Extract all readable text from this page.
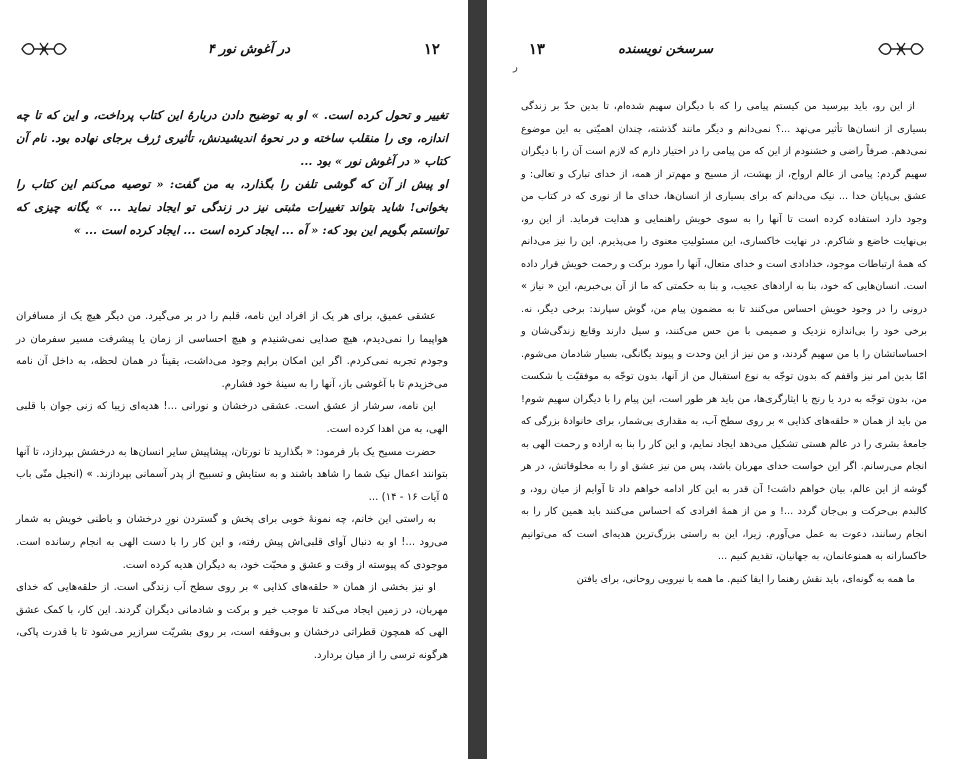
۱۲
در آغوش نور ۴

تغییر و تحول کرده است. » او به توضیح دادن دربارهٔ این کتاب پرداخت، و این که تا چه اندازه، وی را منقلب ساخته و در نحوهٔ اندیشیدنش، تأثیری ژرف برجای نهاده بود. نام آن کتاب « در آغوش نور » بود ...

او پیش از آن که گوشی تلفن را بگذارد، به من گفت: « توصیه می‌کنم این کتاب را بخوانی! شاید بتواند تغییرات مثبتی نیز در زندگی تو ایجاد نماید ... » یگانه چیزی که توانستم بگویم این بود که: « آه ... ایجاد کرده است ... ایجاد کرده است ... »

عشقی عمیق، برای هر یک از افراد این نامه، قلبم را در بر می‌گیرد. من دیگر هیچ یک از مسافران هواپیما را نمی‌دیدم، هیچ صدایی نمی‌شنیدم و هیچ احساسی از زمان یا پیشرفت مسیر سفرمان در وجودم تجربه نمی‌کردم. اگر این امکان برایم وجود می‌داشت، یقیناً در همان لحظه، به داخل آن نامه می‌خزیدم تا با آغوشی باز، آنها را به سینهٔ خود فشارم.

این نامه، سرشار از عشق است. عشقی درخشان و نورانی ...! هدیه‌ای زیبا که زنی جوان با قلبی الهی، به من اهدا کرده است.

حضرت مسیح یک بار فرمود: « بگذارید تا نورتان، پیشاپیش سایر انسان‌ها به درخشش بپردازد، تا آنها بتوانند اعمال نیک شما را شاهد باشند و به ستایش و تسبیح از پدر آسمانی بپردازند. » (انجیل متّی باب ۵ آیات ۱۶ - ۱۴) ...

به راستی این خانم، چه نمونهٔ خوبی برای پخش و گستردن نورِ درخشان و باطنی خویش به شمار می‌رود ...! او به دنبال آوای قلبی‌اش پیش رفته، و این کار را با دست الهی به انجام رسانده است. موجودی که پیوسته از وقت و عشق و محبّت خود، به دیگران هدیه کرده است.

او نیز بخشی از همان « حلقه‌های کذایی » بر روی سطح آب زندگی است. از حلقه‌هایی که خدای مهربان، در زمین ایجاد می‌کند تا موجب خیر و برکت و شادمانی دیگران گردند. این کار، با کمک عشق الهی که همچون قطراتی درخشان و بی‌وقفه است، بر روی بشریّت سرازیر می‌شود تا با قدرت پاکی، هرگونه ترسی را از میان بردارد.

۱۳	سرسخن نویسنده
ر

از این رو، باید بپرسید من کیستم پیامی را که با دیگران سهیم شده‌ام، تا بدین حدّ بر زندگی بسیاری از انسان‌ها تأثیر می‌نهد ...؟ نمی‌دانم و دیگر مانند گذشته، چندان اهمیّتی به این موضوع نمی‌دهم. صرفاً راضی و خشنودم از این که من پیامی را در اختیار دارم که لازم است آن را با دیگران سهیم گردم: پیامی از عالم ارواح، از بهشت، از مسیح و مهم‌تر از همه، از خدای تبارک و تعالی: و عشق بی‌پایان خدا ... نیک می‌دانم که برای بسیاری از انسان‌ها، خدای ما از نوری که در کتاب من وجود دارد استفاده کرده است تا آنها را به سوی خویش راهنمایی و هدایت فرماید. از این رو، بی‌نهایت خاضع و شاکرم. در نهایت خاکساری، این مسئولیتِ معنوی را می‌پذیرم. این را نیز می‌دانم که همهٔ ارتباطات موجود، خدادادی است و خدای متعال، آنها را مورد برکت و رحمت خویش قرار داده است. انسان‌هایی که خود، بنا به ارادهای عجیب، و بنا به حکمتی که ما از آن بی‌خبریم، این « نیاز » درونی را در وجود خویش احساس می‌کنند تا به مضمون پیام من، گوش سپارند: برخی دیگر، نه. برخی خود را بی‌اندازه نزدیک و صمیمی با من حس می‌کنند، و سیل دارند وقایع زندگی‌شان و احساساتشان را با من سهیم گردند، و من نیز از این وحدت و پیوند یگانگی، بسیار شادمان می‌شوم. امّا بدین امر نیز واقفم که بدون توجّه به نوع استقبال من از آنها، بدون توجّه به موفقیّت یا شکست من، بدون توجّه به درد یا رنج یا ایثارگری‌ها، من باید هر طور است، این پیام را با دیگران سهیم شوم! من باید از همان « حلقه‌های کذایی » بر روی سطح آب، به مقداری بی‌شمار، برای خانوادهٔ بزرگی که جامعهٔ بشری را در عالم هستی تشکیل می‌دهد ایجاد نمایم، و این کار را بنا به اراده و رحمت الهی به انجام می‌رسانم. اگر این خواست خدای مهربان باشد، پس من نیز عشق او را به مخلوقاتش، در هر گوشه از این عالم، بیان خواهم داشت! آن قدر به این کار ادامه خواهم داد تا آوایم از میان رود، و کالبدم بی‌حرکت و بی‌جان گردد ...! و من از همهٔ افرادی که احساس می‌کنند باید همین کار را به انجام رسانند، دعوت به عمل می‌آورم. زیرا، این به راستی بزرگ‌ترین هدیه‌ای است که می‌توانیم خاکسارانه به همنوعانمان، به جهانیان، تقدیم کنیم ...

ما همه به گونه‌ای، باید نقش رهنما را ایفا کنیم. ما همه با نیرویی روحانی، برای یافتن
